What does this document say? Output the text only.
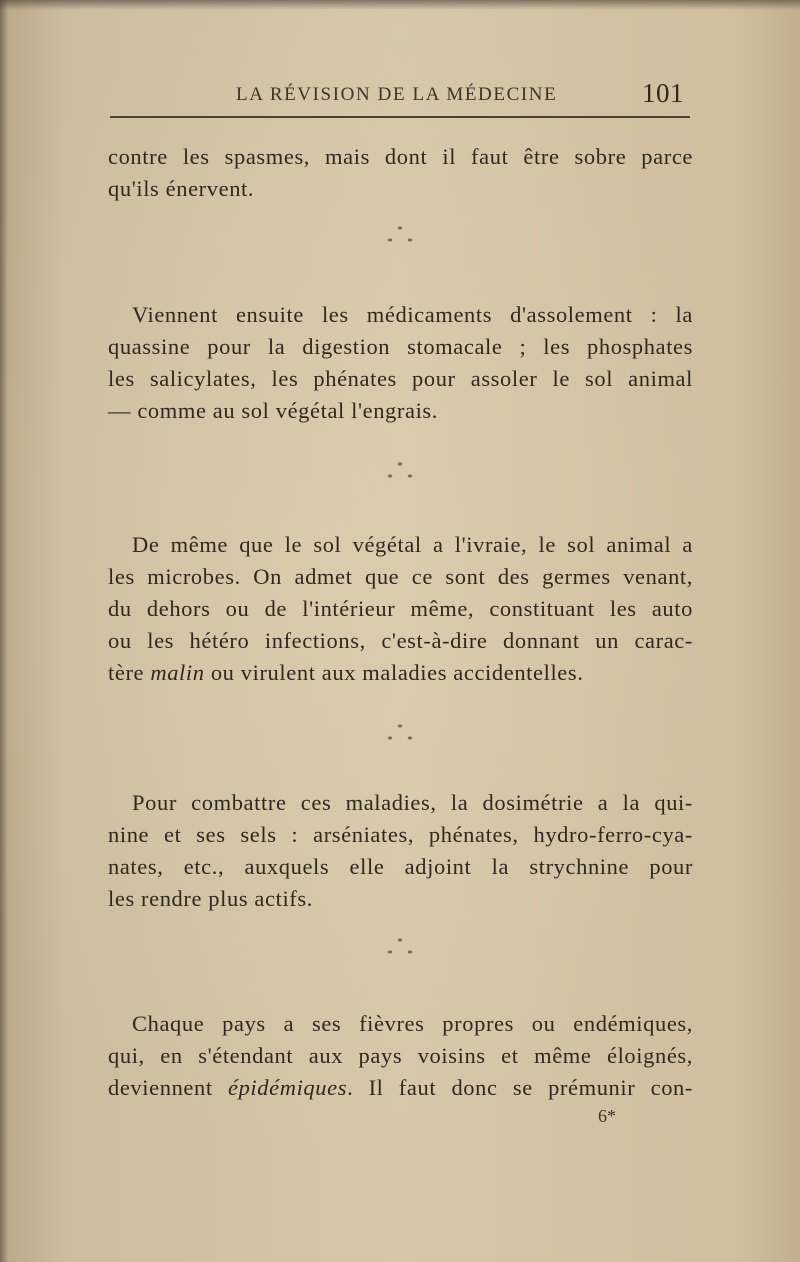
LA RÉVISION DE LA MÉDECINE	101

contre les spasmes, mais dont il faut être sobre parce
qu'ils énervent.

*
* *

Viennent ensuite les médicaments d'assolement : la
quassine pour la digestion stomacale ; les phosphates
les salicylates, les phénates pour assoler le sol animal
— comme au sol végétal l'engrais.

*
* *

De même que le sol végétal a l'ivraie, le sol animal a
les microbes. On admet que ce sont des germes venant,
du dehors ou de l'intérieur même, constituant les auto
ou les hétéro infections, c'est-à-dire donnant un carac-
tère malin ou virulent aux maladies accidentelles.

*
* *

Pour combattre ces maladies, la dosimétrie a la qui-
nine et ses sels : arséniates, phénates, hydro-ferro-cya-
nates, etc., auxquels elle adjoint la strychnine pour
les rendre plus actifs.

*
* *

Chaque pays a ses fièvres propres ou endémiques,
qui, en s'étendant aux pays voisins et même éloignés,
deviennent épidémiques. Il faut donc se prémunir con-

6*
